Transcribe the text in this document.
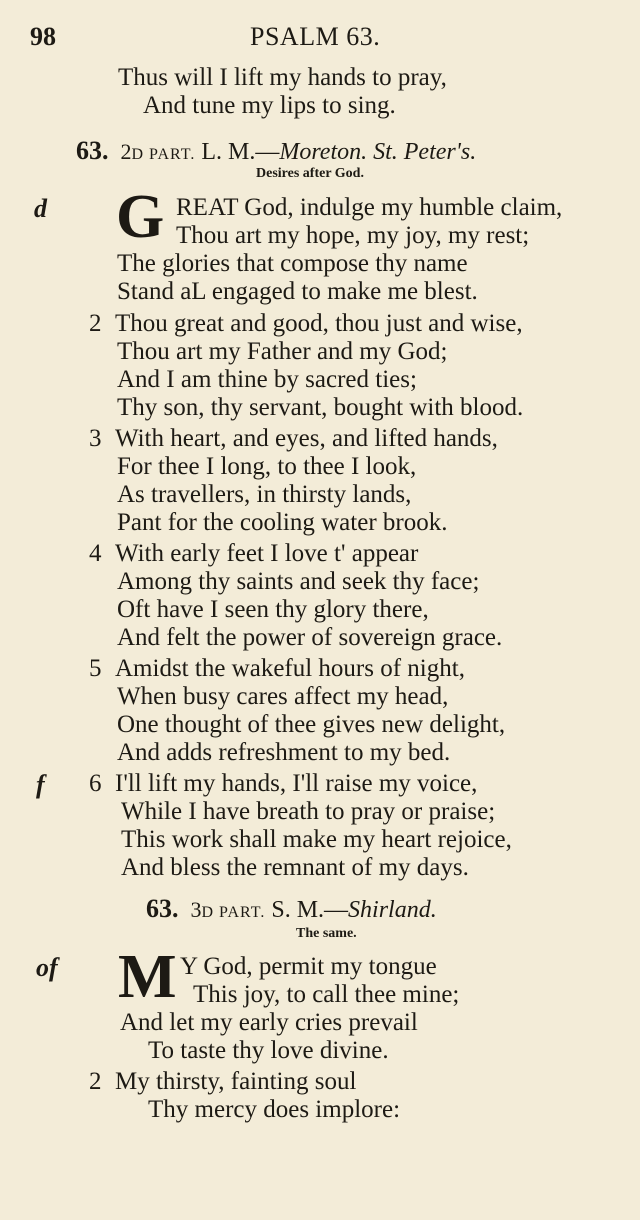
98	PSALM 63.
Thus will I lift my hands to pray,
And tune my lips to sing.
63. 2D PART. L. M.—Moreton. St. Peter's.
Desires after God.
d G REAT God, indulge my humble claim,
Thou art my hope, my joy, my rest;
The glories that compose thy name
Stand aL engaged to make me blest.
2 Thou great and good, thou just and wise,
Thou art my Father and my God;
And I am thine by sacred ties;
Thy son, thy servant, bought with blood.
3 With heart, and eyes, and lifted hands,
For thee I long, to thee I look,
As travellers, in thirsty lands,
Pant for the cooling water brook.
4 With early feet I love t' appear
Among thy saints and seek thy face;
Oft have I seen thy glory there,
And felt the power of sovereign grace.
5 Amidst the wakeful hours of night,
When busy cares affect my head,
One thought of thee gives new delight,
And adds refreshment to my bed.
f 6 I'll lift my hands, I'll raise my voice,
While I have breath to pray or praise;
This work shall make my heart rejoice,
And bless the remnant of my days.
63. 3D PART. S. M.—Shirland.
The same.
of M Y God, permit my tongue
This joy, to call thee mine;
And let my early cries prevail
To taste thy love divine.
2 My thirsty, fainting soul
Thy mercy does implore:
